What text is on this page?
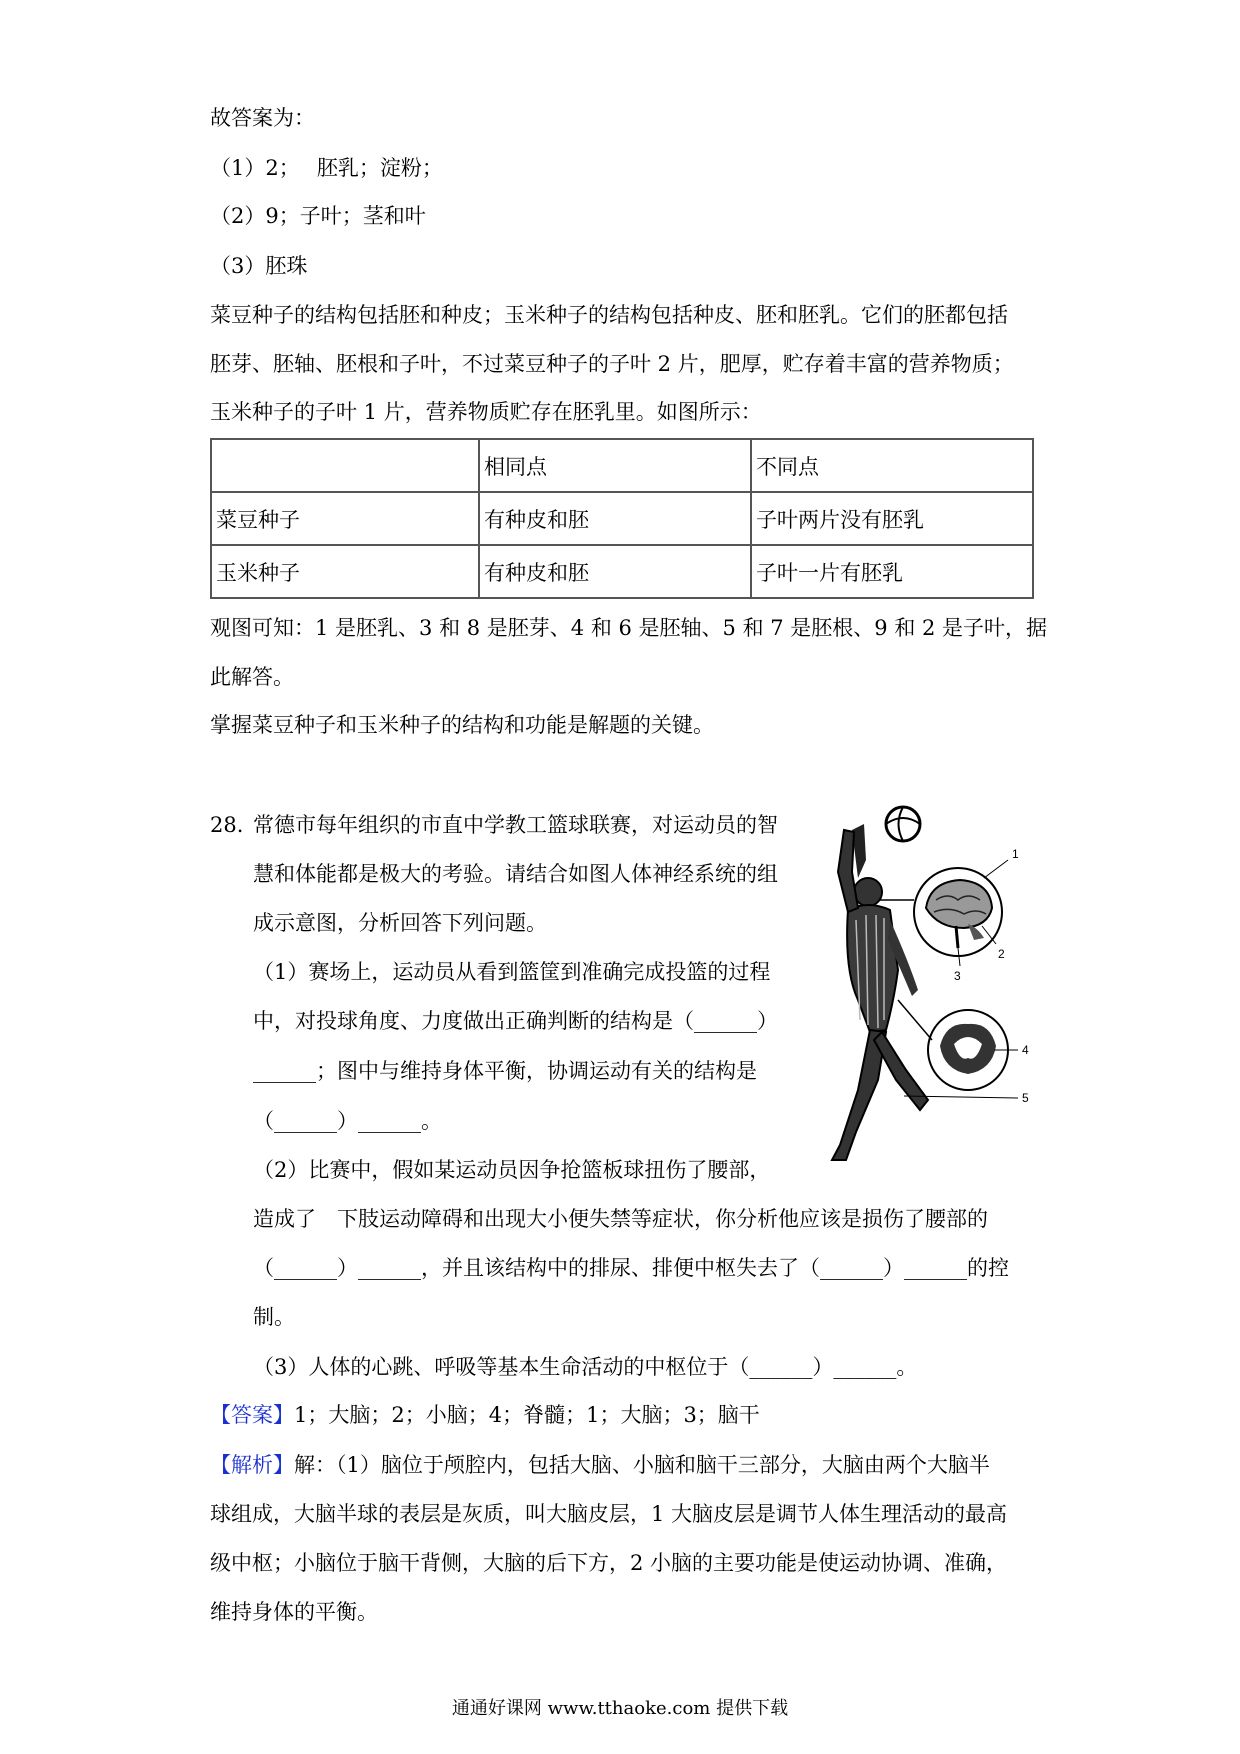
故答案为：
（1）2；　 胚乳；淀粉；
（2）9；子叶；茎和叶
（3）胚珠
菜豆种子的结构包括胚和种皮；玉米种子的结构包括种皮、胚和胚乳。它们的胚都包括
胚芽、胚轴、胚根和子叶，不过菜豆种子的子叶 2 片，肥厚，贮存着丰富的营养物质；
玉米种子的子叶 1 片，营养物质贮存在胚乳里。如图所示：
	相同点	不同点
菜豆种子	有种皮和胚	子叶两片没有胚乳
玉米种子	有种皮和胚	子叶一片有胚乳
观图可知：1 是胚乳、3 和 8 是胚芽、4 和 6 是胚轴、5 和 7 是胚根、9 和 2 是子叶，据
此解答。
掌握菜豆种子和玉米种子的结构和功能是解题的关键。
28. 常德市每年组织的市直中学教工篮球联赛，对运动员的智
慧和体能都是极大的考验。请结合如图人体神经系统的组
成示意图，分析回答下列问题。
（1）赛场上，运动员从看到篮筐到准确完成投篮的过程
中，对投球角度、力度做出正确判断的结构是（______）
______；图中与维持身体平衡，协调运动有关的结构是
（______）______。
（2）比赛中，假如某运动员因争抢篮板球扭伤了腰部，
造成了　下肢运动障碍和出现大小便失禁等症状，你分析他应该是损伤了腰部的
（______）______，并且该结构中的排尿、排便中枢失去了（______）______的控
制。
（3）人体的心跳、呼吸等基本生命活动的中枢位于（______）______。
【答案】1；大脑；2；小脑；4；脊髓；1；大脑；3；脑干
【解析】解：（1）脑位于颅腔内，包括大脑、小脑和脑干三部分，大脑由两个大脑半
球组成，大脑半球的表层是灰质，叫大脑皮层，1 大脑皮层是调节人体生理活动的最高
级中枢；小脑位于脑干背侧，大脑的后下方，2 小脑的主要功能是使运动协调、准确，
维持身体的平衡。
1
2
3
4
5
通通好课网 www.tthaoke.com 提供下载
